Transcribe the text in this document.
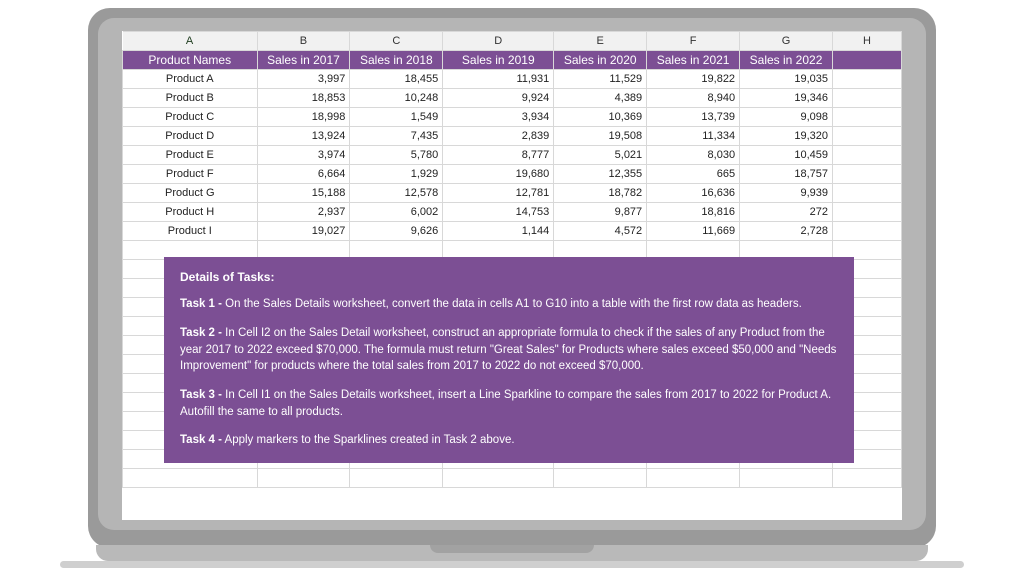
A	B	C	D	E	F	G	H
Product Names	Sales in 2017	Sales in 2018	Sales in 2019	Sales in 2020	Sales in 2021	Sales in 2022	
Product A	3,997	18,455	11,931	11,529	19,822	19,035	
Product B	18,853	10,248	9,924	4,389	8,940	19,346	
Product C	18,998	1,549	3,934	10,369	13,739	9,098	
Product D	13,924	7,435	2,839	19,508	11,334	19,320	
Product E	3,974	5,780	8,777	5,021	8,030	10,459	
Product F	6,664	1,929	19,680	12,355	665	18,757	
Product G	15,188	12,578	12,781	18,782	16,636	9,939	
Product H	2,937	6,002	14,753	9,877	18,816	272	
Product I	19,027	9,626	1,144	4,572	11,669	2,728	

Details of Tasks:

Task 1 - On the Sales Details worksheet, convert the data in cells A1 to G10 into a table with the first row data as headers.

Task 2 - In Cell I2 on the Sales Detail worksheet, construct an appropriate formula to check if the sales of any Product from the year 2017 to 2022 exceed $70,000. The formula must return "Great Sales" for Products where sales exceed $50,000 and "Needs Improvement" for products where the total sales from 2017 to 2022 do not exceed $70,000.

Task 3 - In Cell I1 on the Sales Details worksheet, insert a Line Sparkline to compare the sales from 2017 to 2022 for Product A. Autofill the same to all products.

Task 4 - Apply markers to the Sparklines created in Task 2 above.
